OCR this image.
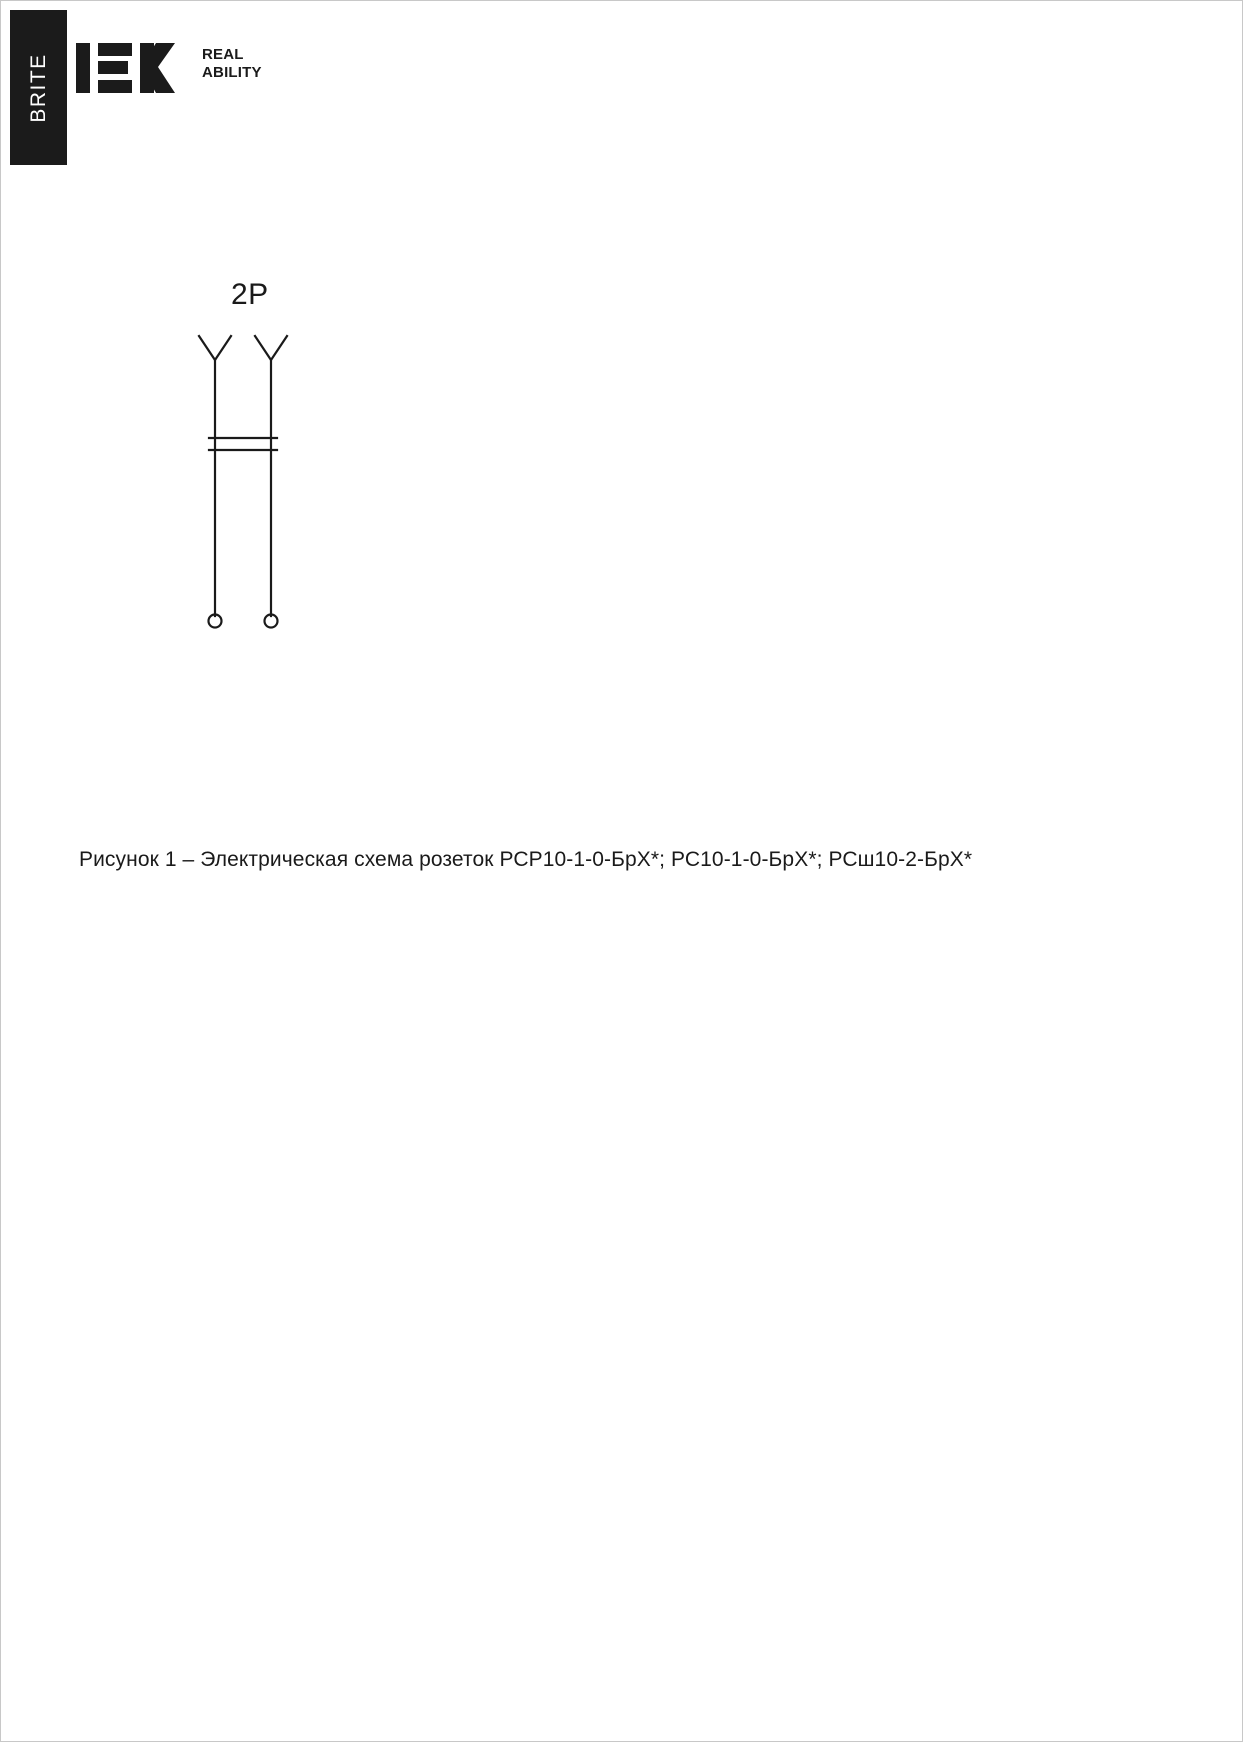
BRITE	REAL
ABILITY
2P
Рисунок 1 – Электрическая схема розеток РСР10-1-0-БрХ*; РС10-1-0-БрХ*; РСш10-2-БрХ*
